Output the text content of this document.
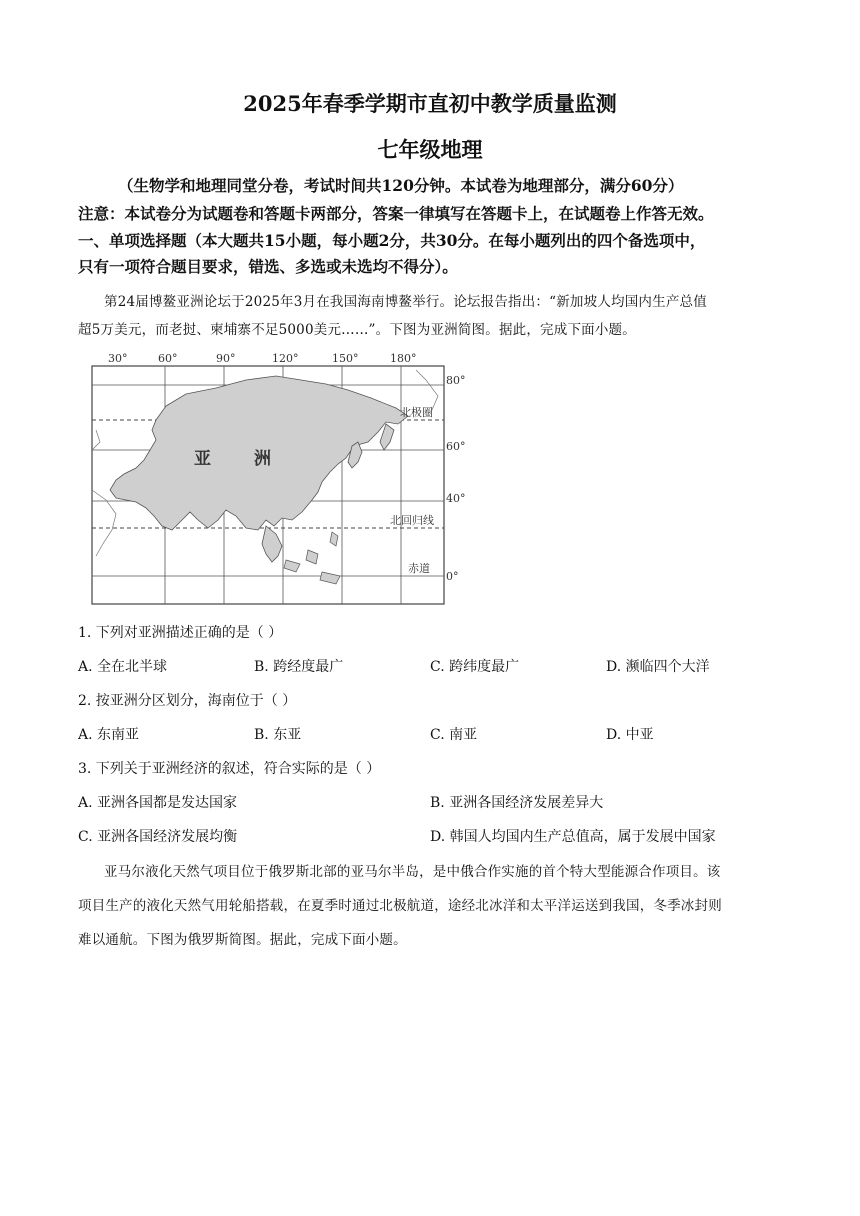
2025年春季学期市直初中教学质量监测
七年级地理
（生物学和地理同堂分卷，考试时间共120分钟。本试卷为地理部分，满分60分）
注意：本试卷分为试题卷和答题卡两部分，答案一律填写在答题卡上，在试题卷上作答无效。
一、单项选择题（本大题共15小题，每小题2分，共30分。在每小题列出的四个备选项中，
只有一项符合题目要求，错选、多选或未选均不得分）。
第24届博鳌亚洲论坛于2025年3月在我国海南博鳌举行。论坛报告指出：“新加坡人均国内生产总值
超5万美元，而老挝、柬埔寨不足5000美元……”。下图为亚洲简图。据此，完成下面小题。
30°	60°	90°	120°	150°	180°
80°
60°
40°
0°
亚	洲
北极圈
北回归线
赤道
1. 下列对亚洲描述正确的是（ ）
A. 全在北半球	B. 跨经度最广	C. 跨纬度最广	D. 濒临四个大洋
2. 按亚洲分区划分，海南位于（ ）
A. 东南亚	B. 东亚	C. 南亚	D. 中亚
3. 下列关于亚洲经济的叙述，符合实际的是（ ）
A. 亚洲各国都是发达国家	B. 亚洲各国经济发展差异大
C. 亚洲各国经济发展均衡	D. 韩国人均国内生产总值高，属于发展中国家
亚马尔液化天然气项目位于俄罗斯北部的亚马尔半岛，是中俄合作实施的首个特大型能源合作项目。该
项目生产的液化天然气用轮船搭载，在夏季时通过北极航道，途经北冰洋和太平洋运送到我国，冬季冰封则
难以通航。下图为俄罗斯简图。据此，完成下面小题。
